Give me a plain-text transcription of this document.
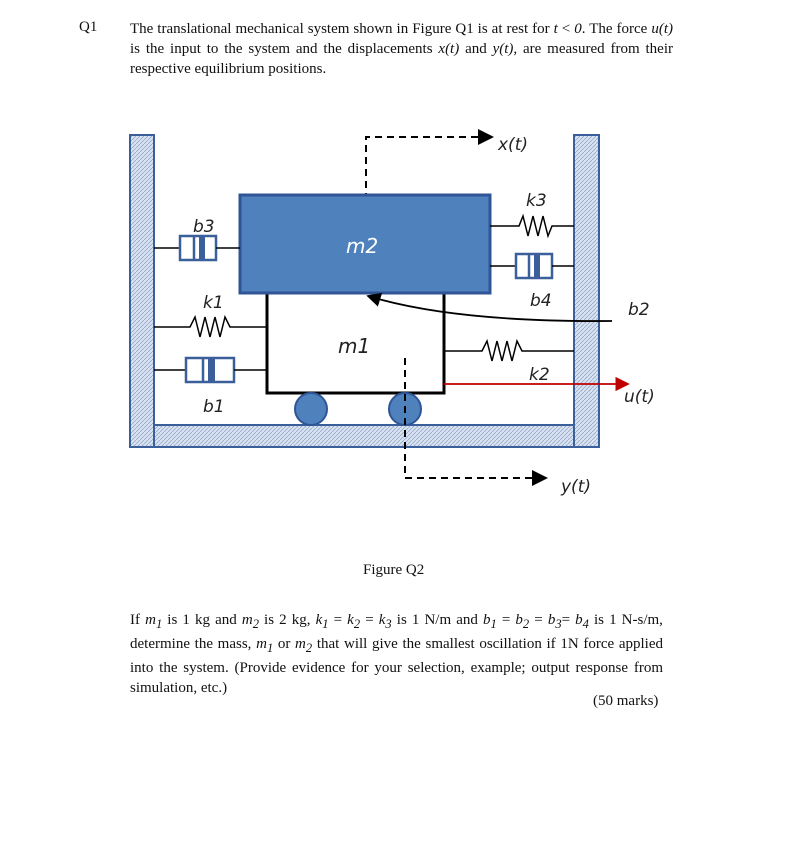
Q1 The translational mechanical system shown in Figure Q1 is at rest for t < 0. The force u(t) is the input to the system and the displacements x(t) and y(t), are measured from their respective equilibrium positions.
x(t)
m1
y(t)
m2
b3
k1
b1
k3
b4	b2
k2
u(t)
Figure Q2
If $m_1$ is 1 kg and $m_2$ is 2 kg, $k_1 = k_2 = k_3$ is 1 N/m and $b_1 = b_2 = b_3= b_4$ is 1 N-s/m, determine the mass, $m_1$ or $m_2$ that will give the smallest oscillation if 1N force applied into the system. (Provide evidence for your selection, example; output response from simulation, etc.)
(50 marks)
